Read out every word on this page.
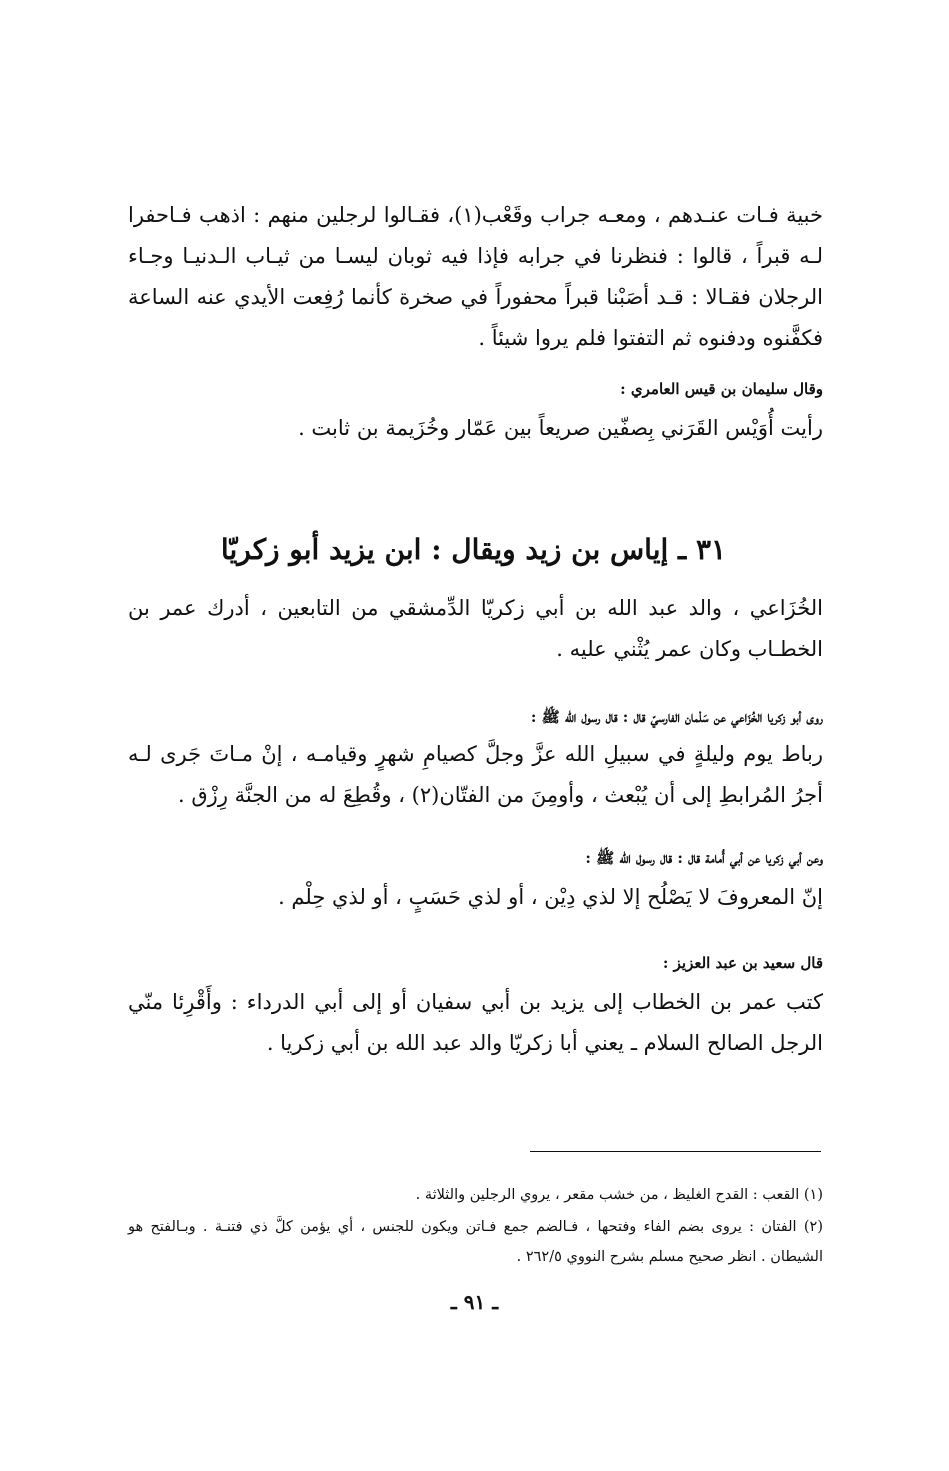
خبية فـات عنـدهم ، ومعـه جراب وقَعْب(١)، فقـالوا لرجلين منهم : اذهب فـاحفرا لـه قبراً ، قالوا : فنظرنا في جرابه فإذا فيه ثوبان ليسـا من ثيـاب الـدنيـا وجـاء الرجلان فقـالا : قـد أصَبْنا قبراً محفوراً في صخرة كأنما رُفِعت الأيدي عنه الساعة فكفَّنوه ودفنوه ثم التفتوا فلم يروا شيئاً .
وقال سليمان بن قيس العامري :
رأيت أُوَيْس القَرَني بِصفّين صريعاً بين عَمّار وخُزَيمة بن ثابت .
٣١ ـ إياس بن زيد ويقال : ابن يزيد أبو زكريّا
الخُزَاعي ، والد عبد الله بن أبي زكريّا الدِّمشقي من التابعين ، أدرك عمر بن الخطـاب وكان عمر يُثْني عليه .
روى أبو زكريا الخُزَاعي عن سَلْمان الفارسيّ قال : قال رسول الله ﷺ :
رباط يوم وليلةٍ في سبيلِ الله عزَّ وجلَّ كصيامِ شهرٍ وقيامـه ، إنْ مـاتَ جَرى لـه أجرُ المُرابطِ إلى أن يُبْعث ، وأومِنَ من الفتّان(٢) ، وقُطِعَ له من الجنَّة رِزْق .
وعن أبي زكريا عن أبي أُمامة قال : قال رسول الله ﷺ :
إنّ المعروفَ لا يَصْلُح إلا لذي دِيْن ، أو لذي حَسَبٍ ، أو لذي حِلْم .
قال سعيد بن عبد العزيز :
كتب عمر بن الخطاب إلى يزيد بن أبي سفيان أو إلى أبي الدرداء : وأَقْرِئا منّي الرجل الصالح السلام ـ يعني أبا زكريّا والد عبد الله بن أبي زكريا .
(١) القعب : القدح الغليظ ، من خشب مقعر ، يروي الرجلين والثلاثة .
(٢) الفتان : يروى بضم الفاء وفتحها ، فـالضم جمع فـاتن ويكون للجنس ، أي يؤمن كلَّ ذي فتنـة . وبـالفتح هو الشيطان . انظر صحيح مسلم بشرح النووي ٢٦٢/٥ .
ـ ٩١ ـ
